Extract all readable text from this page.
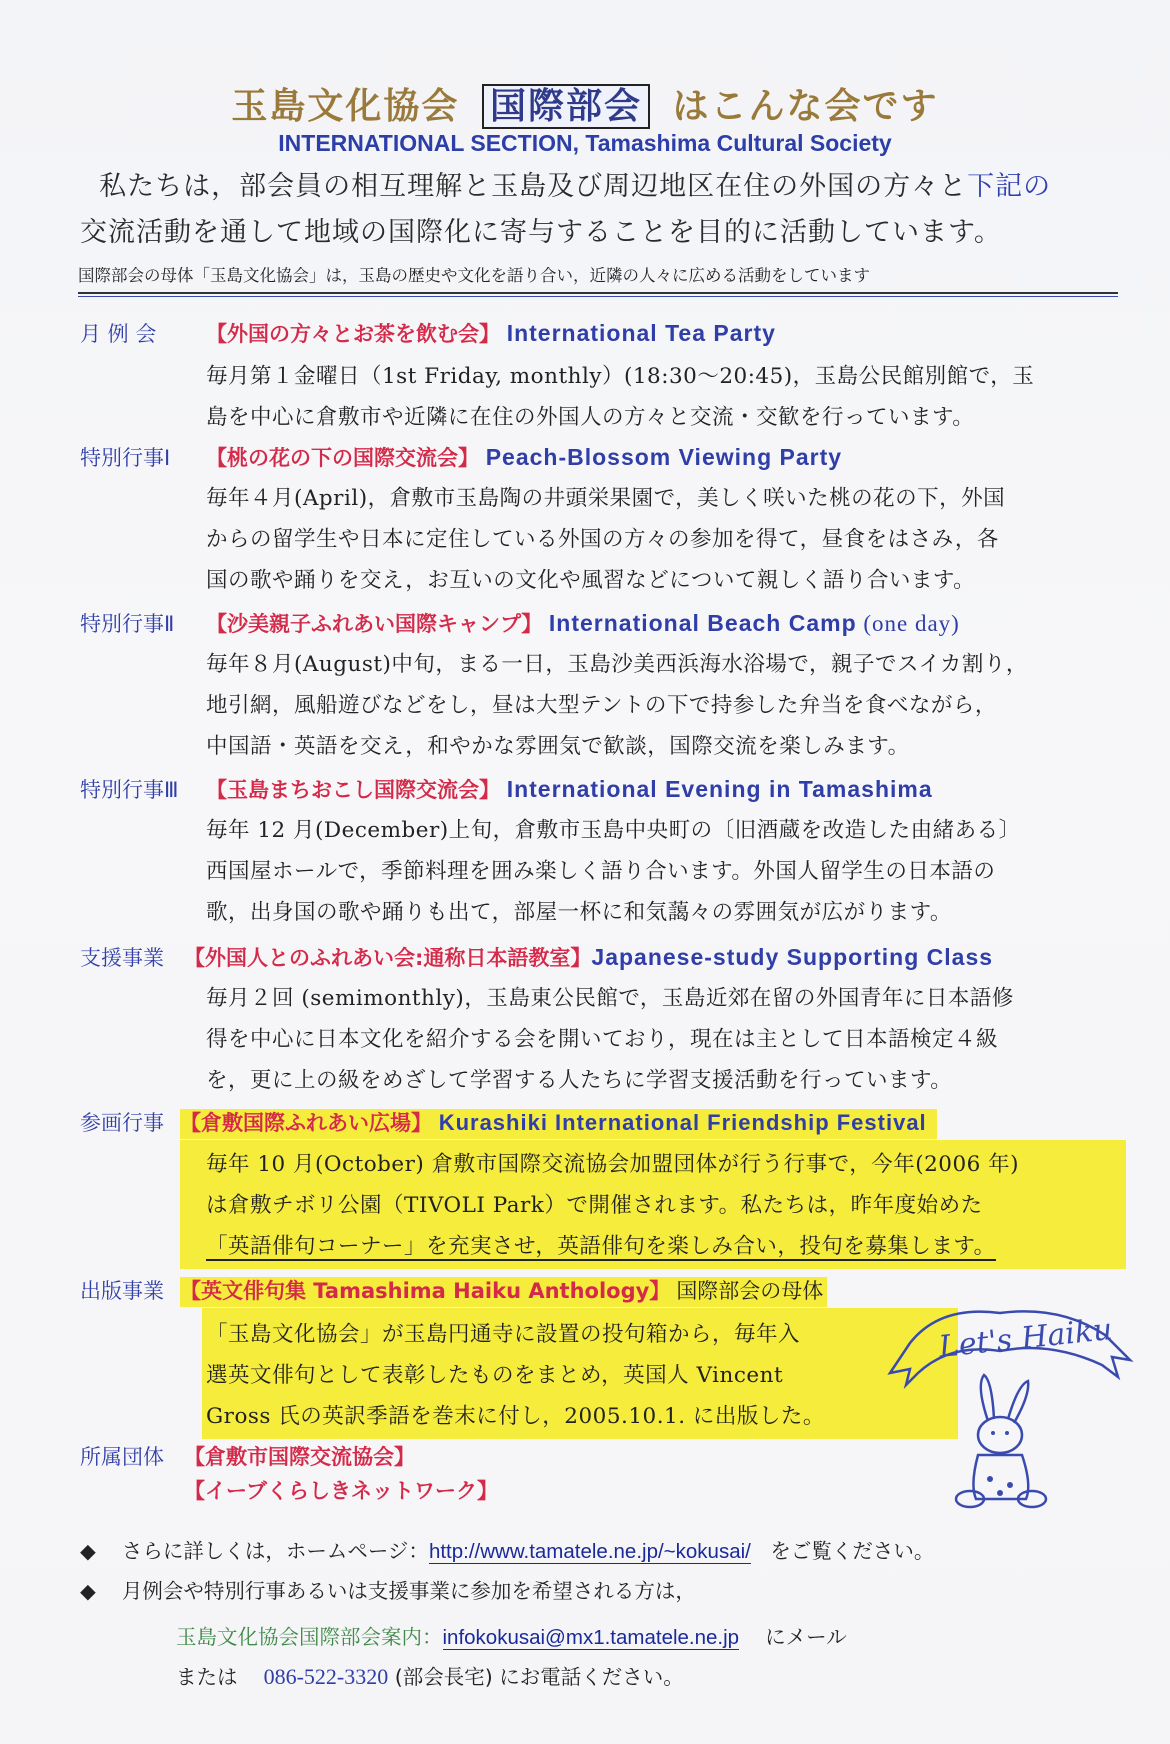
玉島文化協会 国際部会 はこんな会です
INTERNATIONAL SECTION, Tamashima Cultural Society
私たちは，部会員の相互理解と玉島及び周辺地区在住の外国の方々と下記の
交流活動を通して地域の国際化に寄与することを目的に活動しています。
国際部会の母体「玉島文化協会」は，玉島の歴史や文化を語り合い，近隣の人々に広める活動をしています
月 例 会 【外国の方々とお茶を飲む会】 International Tea Party
毎月第１金曜日（1st Friday, monthly）(18:30～20:45)，玉島公民館別館で，玉
島を中心に倉敷市や近隣に在住の外国人の方々と交流・交歓を行っています。
特別行事Ⅰ 【桃の花の下の国際交流会】 Peach-Blossom Viewing Party
毎年４月(April)，倉敷市玉島陶の井頭栄果園で，美しく咲いた桃の花の下，外国
からの留学生や日本に定住している外国の方々の参加を得て，昼食をはさみ，各
国の歌や踊りを交え，お互いの文化や風習などについて親しく語り合います。
特別行事Ⅱ 【沙美親子ふれあい国際キャンプ】 International Beach Camp (one day)
毎年８月(August)中旬，まる一日，玉島沙美西浜海水浴場で，親子でスイカ割り，
地引網，風船遊びなどをし，昼は大型テントの下で持参した弁当を食べながら，
中国語・英語を交え，和やかな雰囲気で歓談，国際交流を楽しみます。
特別行事Ⅲ 【玉島まちおこし国際交流会】 International Evening in Tamashima
毎年 12 月(December)上旬，倉敷市玉島中央町の〔旧酒蔵を改造した由緒ある〕
西国屋ホールで，季節料理を囲み楽しく語り合います。外国人留学生の日本語の
歌，出身国の歌や踊りも出て，部屋一杯に和気藹々の雰囲気が広がります。
支援事業 【外国人とのふれあい会:通称日本語教室】Japanese-study Supporting Class
毎月２回 (semimonthly)，玉島東公民館で，玉島近郊在留の外国青年に日本語修
得を中心に日本文化を紹介する会を開いており，現在は主として日本語検定４級
を，更に上の級をめざして学習する人たちに学習支援活動を行っています。
参画行事 【倉敷国際ふれあい広場】 Kurashiki International Friendship Festival
毎年 10 月(October) 倉敷市国際交流協会加盟団体が行う行事で，今年(2006 年)
は倉敷チボリ公園（TIVOLI Park）で開催されます。私たちは，昨年度始めた
「英語俳句コーナー」を充実させ，英語俳句を楽しみ合い，投句を募集します。
出版事業 【英文俳句集 Tamashima Haiku Anthology】 国際部会の母体
「玉島文化協会」が玉島円通寺に設置の投句箱から，毎年入
選英文俳句として表彰したものをまとめ，英国人 Vincent
Gross 氏の英訳季語を巻末に付し，2005.10.1. に出版した。
所属団体 【倉敷市国際交流協会】
【イーブくらしきネットワーク】
Let's Haiku
◆ さらに詳しくは，ホームページ：http://www.tamatele.ne.jp/~kokusai/ をご覧ください。
◆ 月例会や特別行事あるいは支援事業に参加を希望される方は，
玉島文化協会国際部会案内：infokokusai@mx1.tamatele.ne.jp にメール
または 086-522-3320 (部会長宅) にお電話ください。
